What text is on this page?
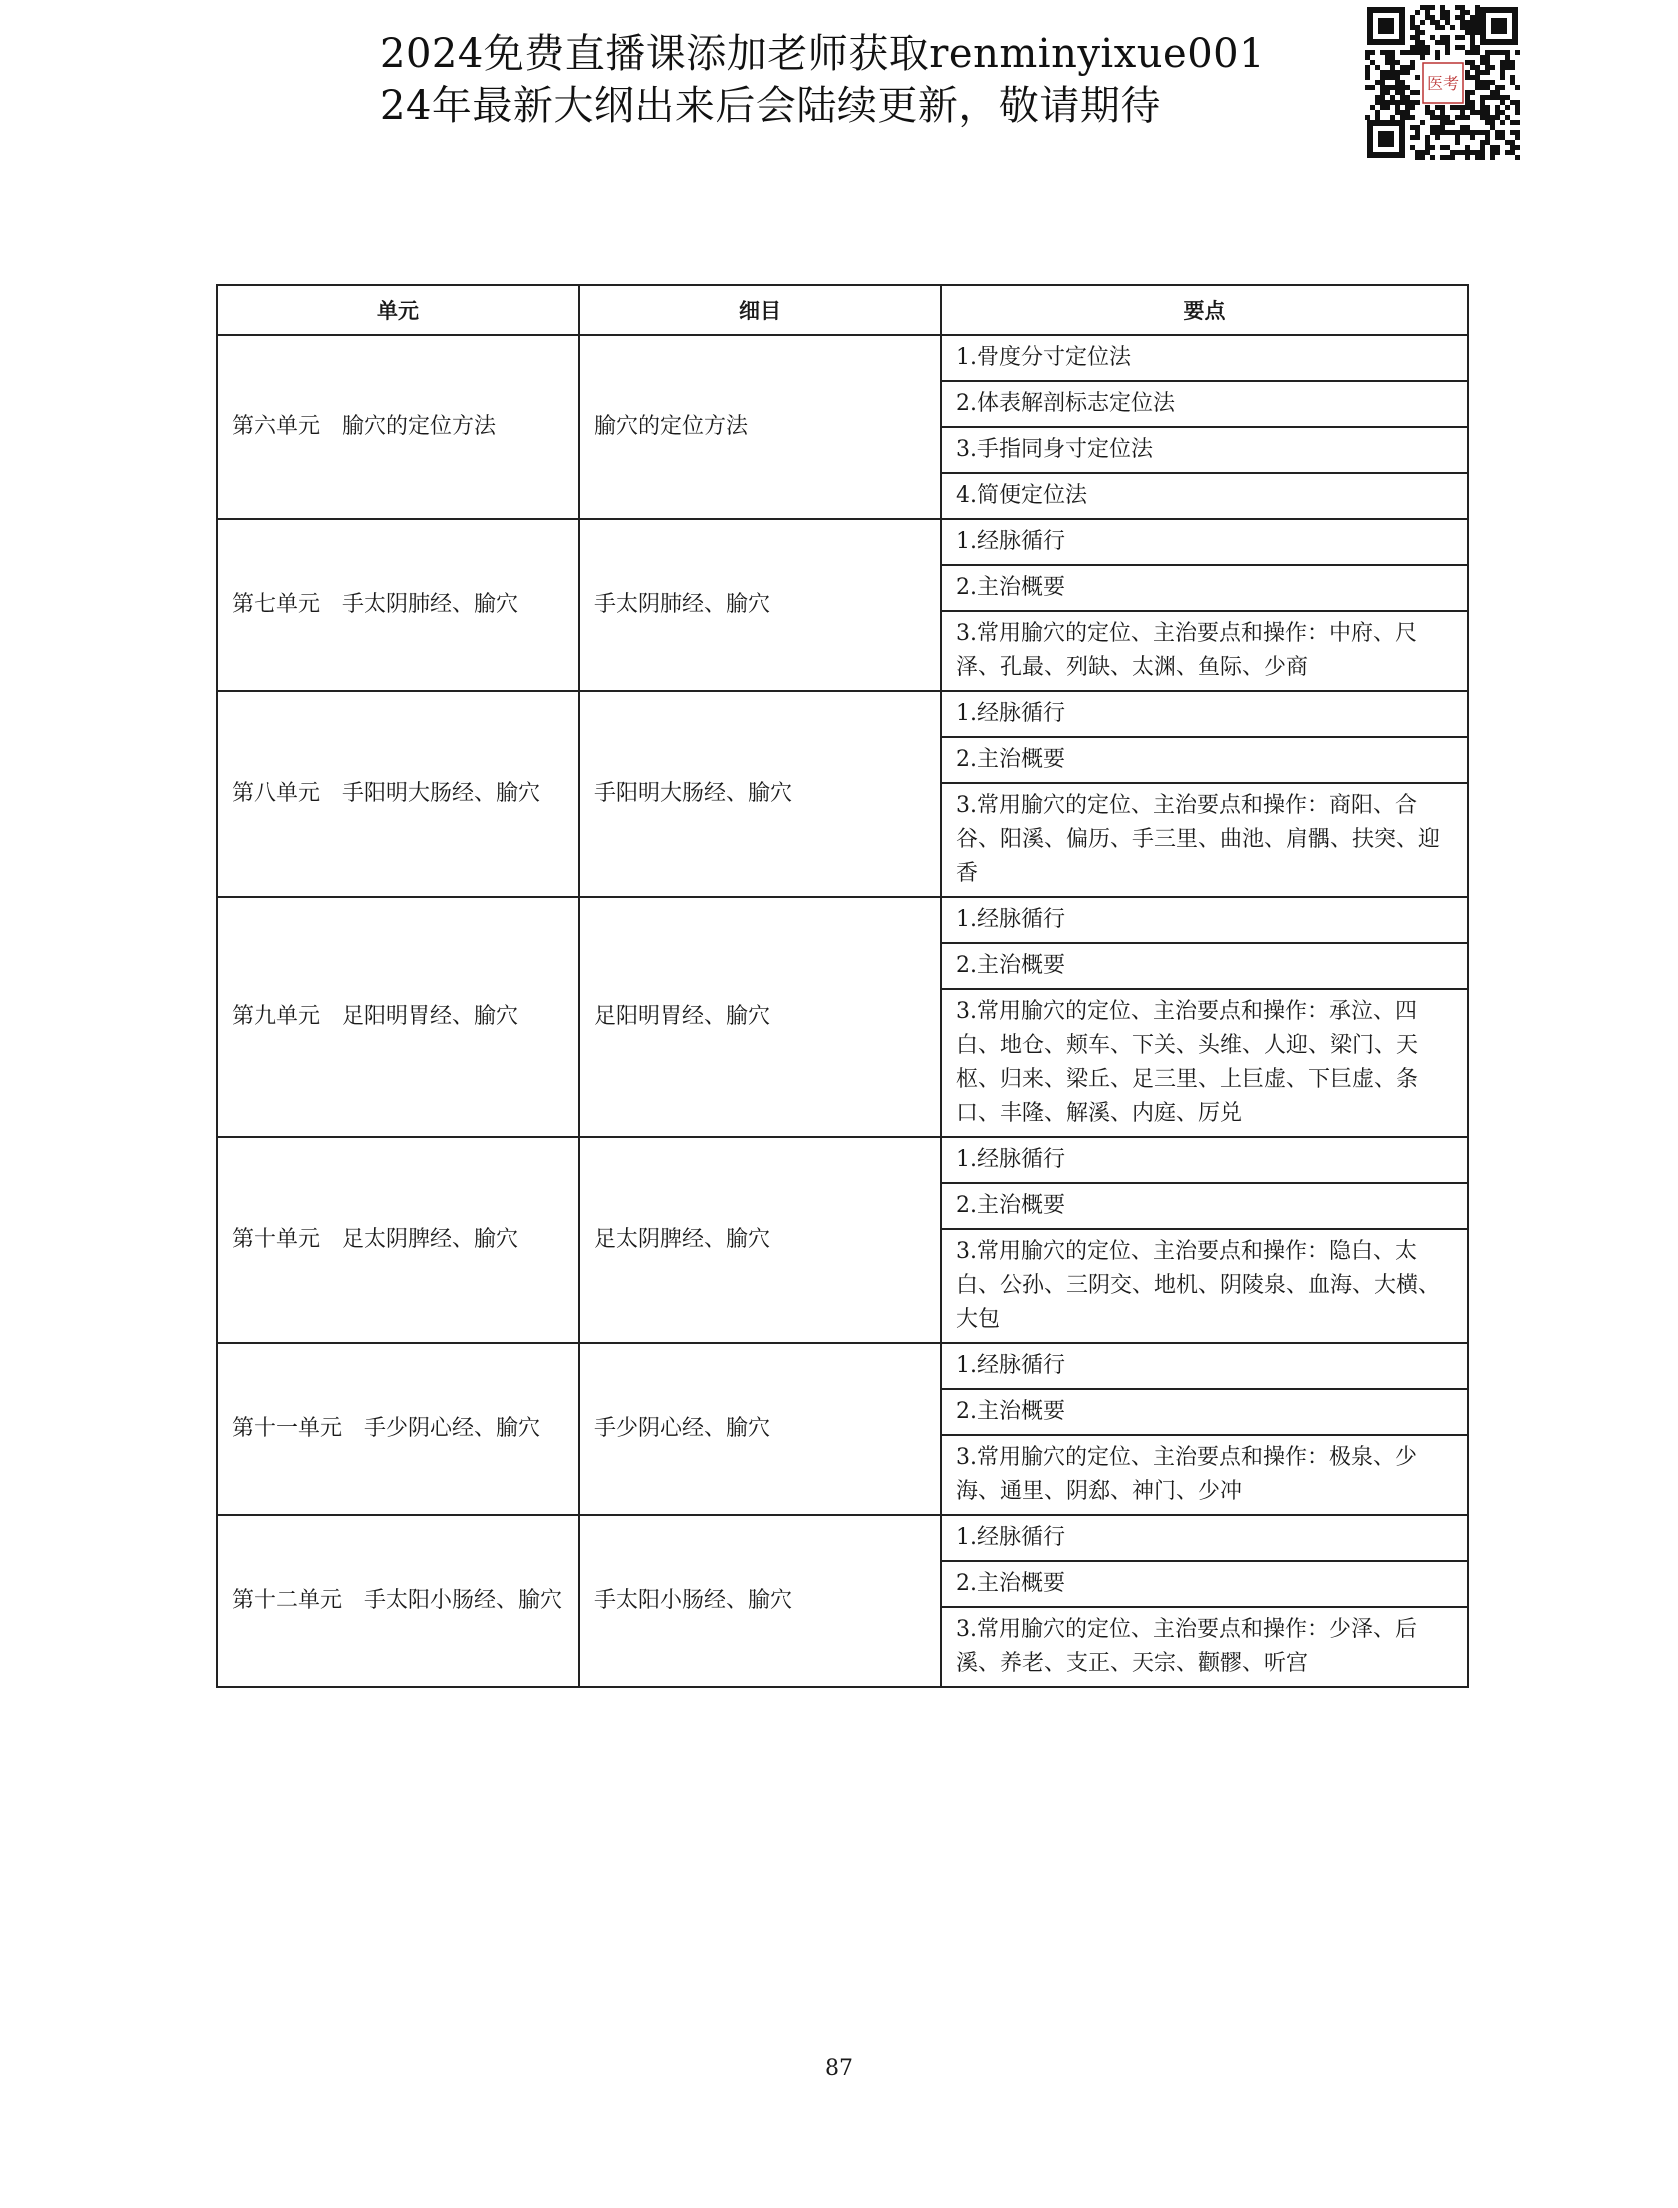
2024免费直播课添加老师获取renminyixue001
24年最新大纲出来后会陆续更新，敬请期待	医考
单元	细目	要点
第六单元　腧穴的定位方法	腧穴的定位方法	1.骨度分寸定位法
		2.体表解剖标志定位法
		3.手指同身寸定位法
		4.简便定位法
第七单元　手太阴肺经、腧穴	手太阴肺经、腧穴	1.经脉循行
		2.主治概要
		3.常用腧穴的定位、主治要点和操作：中府、尺泽、孔最、列缺、太渊、鱼际、少商
第八单元　手阳明大肠经、腧穴	手阳明大肠经、腧穴	1.经脉循行
		2.主治概要
		3.常用腧穴的定位、主治要点和操作：商阳、合谷、阳溪、偏历、手三里、曲池、肩髃、扶突、迎香
第九单元　足阳明胃经、腧穴	足阳明胃经、腧穴	1.经脉循行
		2.主治概要
		3.常用腧穴的定位、主治要点和操作：承泣、四白、地仓、颊车、下关、头维、人迎、梁门、天枢、归来、梁丘、足三里、上巨虚、下巨虚、条口、丰隆、解溪、内庭、厉兑
第十单元　足太阴脾经、腧穴	足太阴脾经、腧穴	1.经脉循行
		2.主治概要
		3.常用腧穴的定位、主治要点和操作：隐白、太白、公孙、三阴交、地机、阴陵泉、血海、大横、大包
第十一单元　手少阴心经、腧穴	手少阴心经、腧穴	1.经脉循行
		2.主治概要
		3.常用腧穴的定位、主治要点和操作：极泉、少海、通里、阴郄、神门、少冲
第十二单元　手太阳小肠经、腧穴	手太阳小肠经、腧穴	1.经脉循行
		2.主治概要
		3.常用腧穴的定位、主治要点和操作：少泽、后溪、养老、支正、天宗、颧髎、听宫
87
